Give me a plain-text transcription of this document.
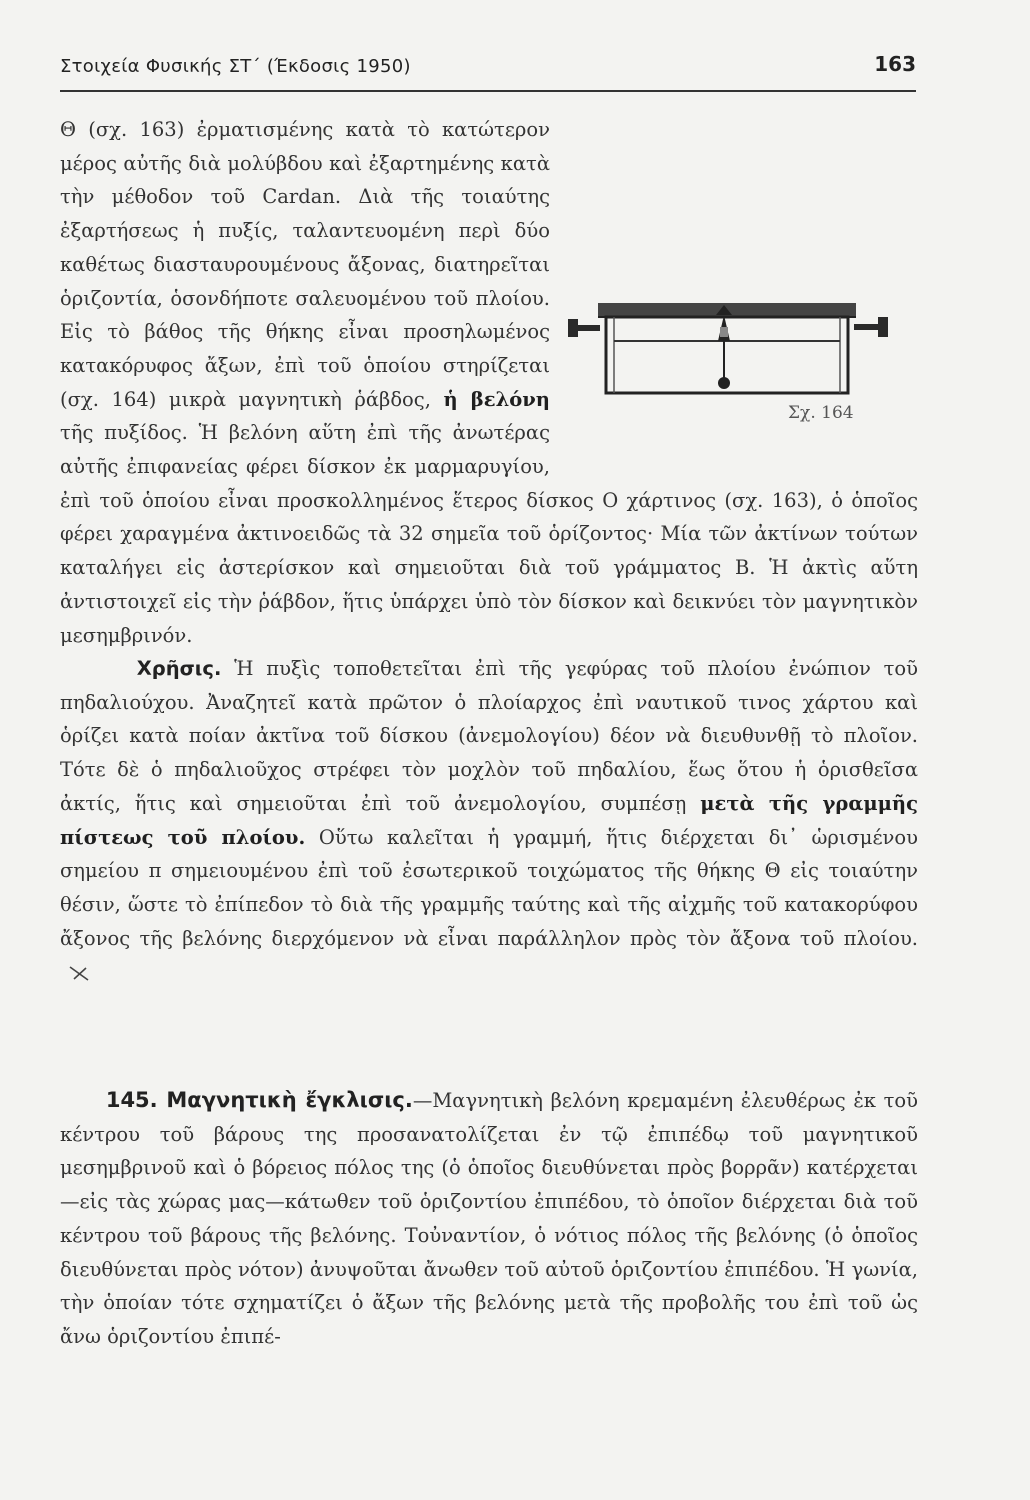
Στοιχεία Φυσικής ΣΤ΄ (Έκδοσις 1950)	163
Σχ. 164
Θ (σχ. 163) ἐρματισμένης κατὰ τὸ κατώτερον μέρος αὐτῆς διὰ μολύβδου καὶ ἐξαρτημένης κατὰ τὴν μέθοδον τοῦ Cardan. Διὰ τῆς τοιαύτης ἐξαρτήσεως ἡ πυξίς, ταλαντευομένη περὶ δύο καθέτως διασταυρουμένους ἄξονας, διατηρεῖται ὁριζοντία, ὁσονδήποτε σαλευομένου τοῦ πλοίου. Εἰς τὸ βάθος τῆς θήκης εἶναι προσηλωμένος κατακόρυφος ἄξων, ἐπὶ τοῦ ὁποίου στηρίζεται (σχ. 164) μικρὰ μαγνητικὴ ῥάβδος, ἡ βελόνη τῆς πυξίδος. Ἡ βελόνη αὕτη ἐπὶ τῆς ἀνωτέρας αὐτῆς ἐπιφανείας φέρει δίσκον ἐκ μαρμαρυγίου, ἐπὶ τοῦ ὁποίου εἶναι προσκολλημένος ἕτερος δίσκος Ο χάρτινος (σχ. 163), ὁ ὁποῖος φέρει χαραγμένα ἀκτινοειδῶς τὰ 32 σημεῖα τοῦ ὁρίζοντος· Μία τῶν ἀκτίνων τούτων καταλήγει εἰς ἀστερίσκον καὶ σημειοῦται διὰ τοῦ γράμματος Β. Ἡ ἀκτὶς αὕτη ἀντιστοιχεῖ εἰς τὴν ῥάβδον, ἥτις ὑπάρχει ὑπὸ τὸν δίσκον καὶ δεικνύει τὸν μαγνητικὸν μεσημβρινόν.
Χρῆσις. Ἡ πυξὶς τοποθετεῖται ἐπὶ τῆς γεφύρας τοῦ πλοίου ἐνώπιον τοῦ πηδαλιούχου. Ἀναζητεῖ κατὰ πρῶτον ὁ πλοίαρχος ἐπὶ ναυτικοῦ τινος χάρτου καὶ ὁρίζει κατὰ ποίαν ἀκτῖνα τοῦ δίσκου (ἀνεμολογίου) δέον νὰ διευθυνθῇ τὸ πλοῖον. Τότε δὲ ὁ πηδαλιοῦχος στρέφει τὸν μοχλὸν τοῦ πηδαλίου, ἕως ὅτου ἡ ὁρισθεῖσα ἀκτίς, ἥτις καὶ σημειοῦται ἐπὶ τοῦ ἀνεμολογίου, συμπέσῃ μετὰ τῆς γραμμῆς πίστεως τοῦ πλοίου. Οὕτω καλεῖται ἡ γραμμή, ἥτις διέρχεται δι᾽ ὡρισμένου σημείου π σημειουμένου ἐπὶ τοῦ ἐσωτερικοῦ τοιχώματος τῆς θήκης Θ εἰς τοιαύτην θέσιν, ὥστε τὸ ἐπίπεδον τὸ διὰ τῆς γραμμῆς ταύτης καὶ τῆς αἰχμῆς τοῦ κατακορύφου ἄξονος τῆς βελόνης διερχόμενον νὰ εἶναι παράλληλον πρὸς τὸν ἄξονα τοῦ πλοίου.
145. Μαγνητικὴ ἔγκλισις.—Μαγνητικὴ βελόνη κρεμαμένη ἐλευθέρως ἐκ τοῦ κέντρου τοῦ βάρους της προσανατολίζεται ἐν τῷ ἐπιπέδῳ τοῦ μαγνητικοῦ μεσημβρινοῦ καὶ ὁ βόρειος πόλος της (ὁ ὁποῖος διευθύνεται πρὸς βορρᾶν) κατέρχεται—εἰς τὰς χώρας μας—κάτωθεν τοῦ ὁριζοντίου ἐπιπέδου, τὸ ὁποῖον διέρχεται διὰ τοῦ κέντρου τοῦ βάρους τῆς βελόνης. Τοὐναντίον, ὁ νότιος πόλος τῆς βελόνης (ὁ ὁποῖος διευθύνεται πρὸς νότον) ἀνυψοῦται ἄνωθεν τοῦ αὐτοῦ ὁριζοντίου ἐπιπέδου. Ἡ γωνία, τὴν ὁποίαν τότε σχηματίζει ὁ ἄξων τῆς βελόνης μετὰ τῆς προβολῆς του ἐπὶ τοῦ ὡς ἄνω ὁριζοντίου ἐπιπέ-
